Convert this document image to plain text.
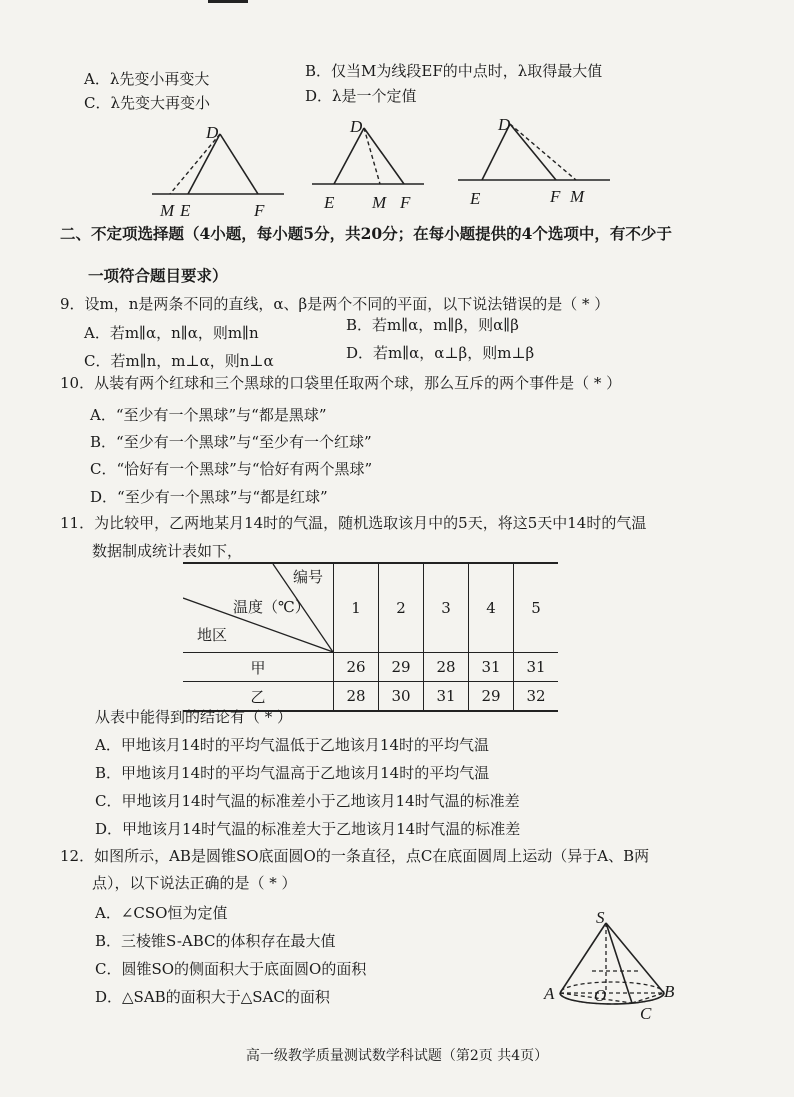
A．λ先变小再变大	B．仅当M为线段EF的中点时，λ取得最大值
C．λ先变大再变小	D．λ是一个定值
D
M E	F
D
E M F
D
E	F M
二、不定项选择题（4小题，每小题5分，共20分；在每小题提供的4个选项中，有不少于
一项符合题目要求）
9．设m，n是两条不同的直线，α、β是两个不同的平面，以下说法错误的是（ * ）
A．若m∥α，n∥α，则m∥n	B．若m∥α，m∥β，则α∥β
C．若m∥n，m⊥α，则n⊥α	D．若m∥α，α⊥β，则m⊥β
10．从装有两个红球和三个黑球的口袋里任取两个球，那么互斥的两个事件是（ * ）
A．“至少有一个黑球”与“都是黑球”
B．“至少有一个黑球”与“至少有一个红球”
C．“恰好有一个黑球”与“恰好有两个黑球”
D．“至少有一个黑球”与“都是红球”
11．为比较甲，乙两地某月14时的气温，随机选取该月中的5天，将这5天中14时的气温
数据制成统计表如下，
编号
温度（℃）
地区	1	2	3	4	5
甲	26	29	28	31	31
乙	28	30	31	29	32
从表中能得到的结论有（ * ）
A．甲地该月14时的平均气温低于乙地该月14时的平均气温
B．甲地该月14时的平均气温高于乙地该月14时的平均气温
C．甲地该月14时气温的标准差小于乙地该月14时气温的标准差
D．甲地该月14时气温的标准差大于乙地该月14时气温的标准差
12．如图所示，AB是圆锥SO底面圆O的一条直径，点C在底面圆周上运动（异于A、B两
点），以下说法正确的是（ * ）
A．∠CSO恒为定值
B．三棱锥S-ABC的体积存在最大值
C．圆锥SO的侧面积大于底面圆O的面积
D．△SAB的面积大于△SAC的面积
S
A O	B
C
高一级教学质量测试数学科试题（第2页 共4页）
